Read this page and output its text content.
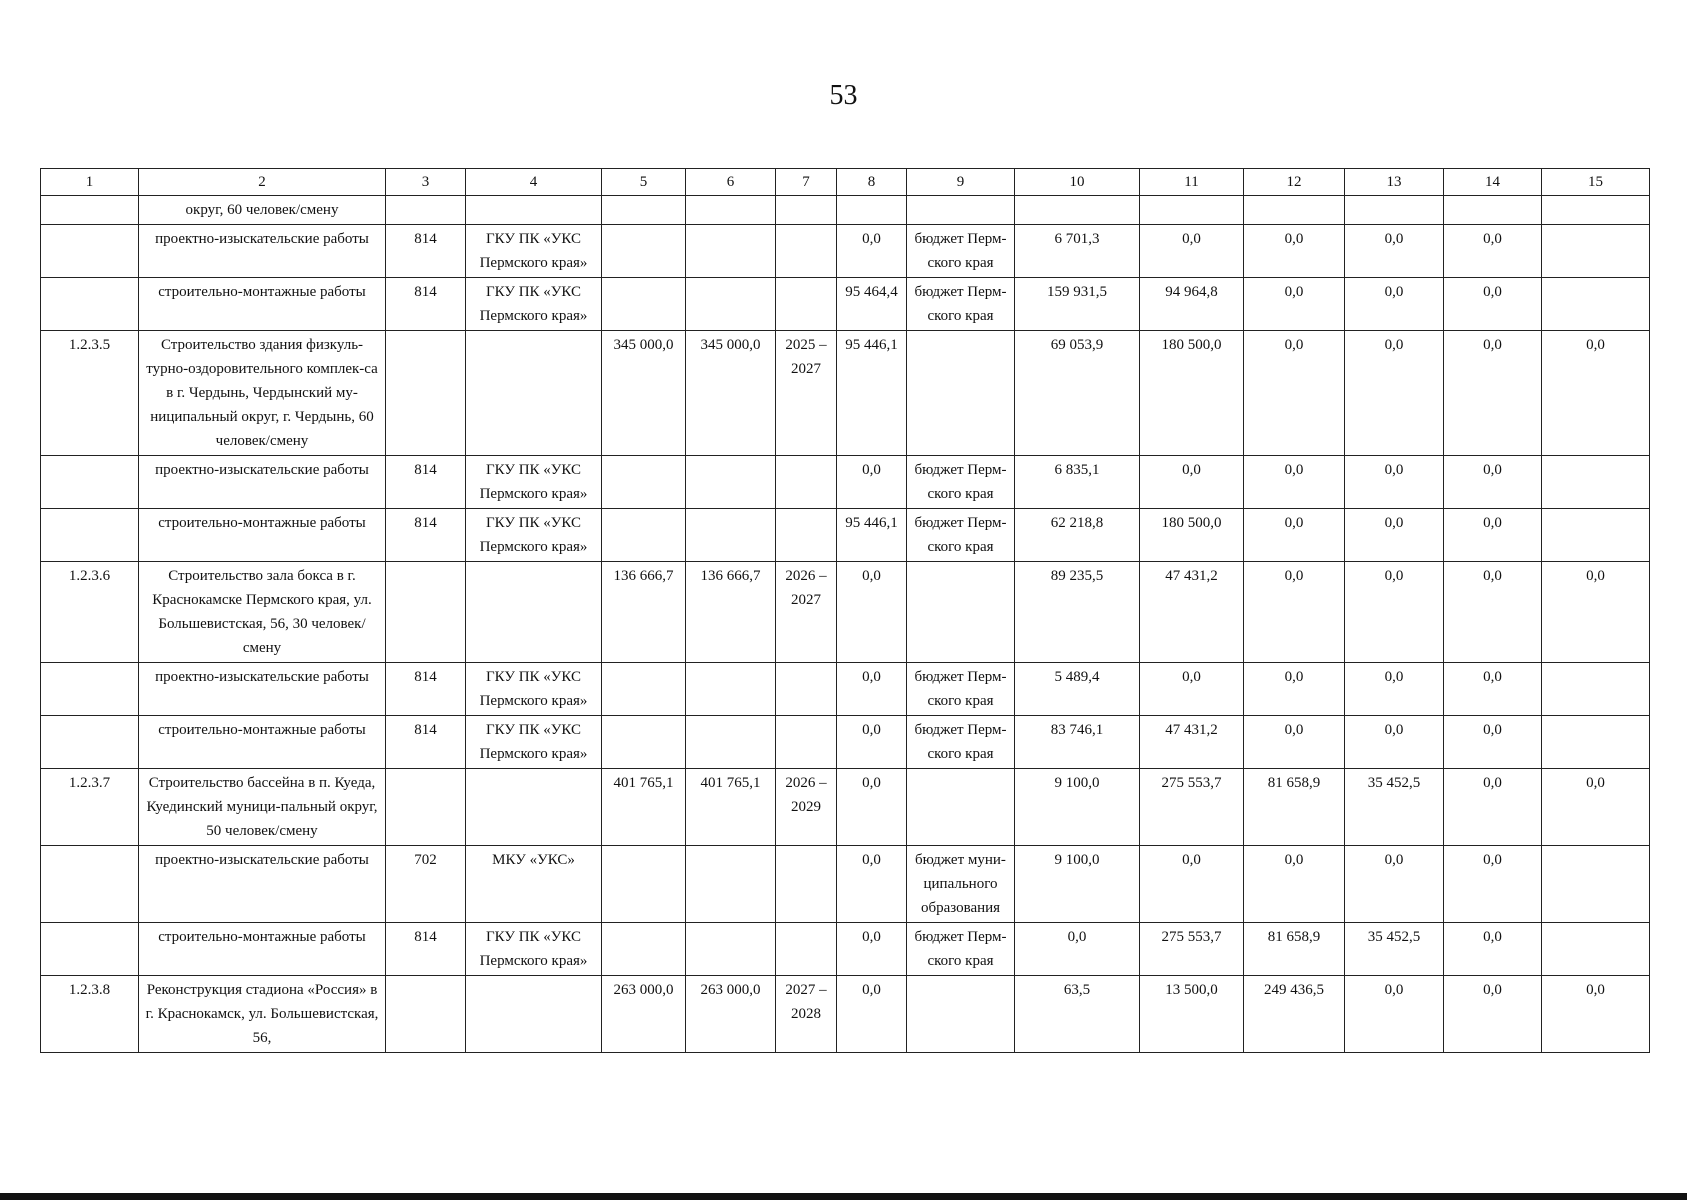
53
1	2	3	4	5	6	7	8	9	10	11	12	13	14	15
	округ, 60 человек/смену													
	проектно-изыскательские работы	814	ГКУ ПК «УКС Пермского края»				0,0	бюджет Перм-ского края	6 701,3	0,0	0,0	0,0	0,0	
	строительно-монтажные работы	814	ГКУ ПК «УКС Пермского края»				95 464,4	бюджет Перм-ского края	159 931,5	94 964,8	0,0	0,0	0,0	
1.2.3.5	Строительство здания физкуль-турно-оздоровительного комплек-са в г. Чердынь, Чердынский му-ниципальный округ, г. Чердынь, 60 человек/смену			345 000,0	345 000,0	2025 – 2027	95 446,1		69 053,9	180 500,0	0,0	0,0	0,0	0,0
	проектно-изыскательские работы	814	ГКУ ПК «УКС Пермского края»				0,0	бюджет Перм-ского края	6 835,1	0,0	0,0	0,0	0,0	
	строительно-монтажные работы	814	ГКУ ПК «УКС Пермского края»				95 446,1	бюджет Перм-ского края	62 218,8	180 500,0	0,0	0,0	0,0	
1.2.3.6	Строительство зала бокса в г. Краснокамске Пермского края, ул. Большевистская, 56, 30 человек/смену			136 666,7	136 666,7	2026 – 2027	0,0		89 235,5	47 431,2	0,0	0,0	0,0	0,0
	проектно-изыскательские работы	814	ГКУ ПК «УКС Пермского края»				0,0	бюджет Перм-ского края	5 489,4	0,0	0,0	0,0	0,0	
	строительно-монтажные работы	814	ГКУ ПК «УКС Пермского края»				0,0	бюджет Перм-ского края	83 746,1	47 431,2	0,0	0,0	0,0	
1.2.3.7	Строительство бассейна в п. Куеда, Куединский муници-пальный округ, 50 человек/смену			401 765,1	401 765,1	2026 – 2029	0,0		9 100,0	275 553,7	81 658,9	35 452,5	0,0	0,0
	проектно-изыскательские работы	702	МКУ «УКС»				0,0	бюджет муни-ципального образования	9 100,0	0,0	0,0	0,0	0,0	
	строительно-монтажные работы	814	ГКУ ПК «УКС Пермского края»				0,0	бюджет Перм-ского края	0,0	275 553,7	81 658,9	35 452,5	0,0	
1.2.3.8	Реконструкция стадиона «Россия» в г. Краснокамск, ул. Большевистская, 56,			263 000,0	263 000,0	2027 – 2028	0,0		63,5	13 500,0	249 436,5	0,0	0,0	0,0
